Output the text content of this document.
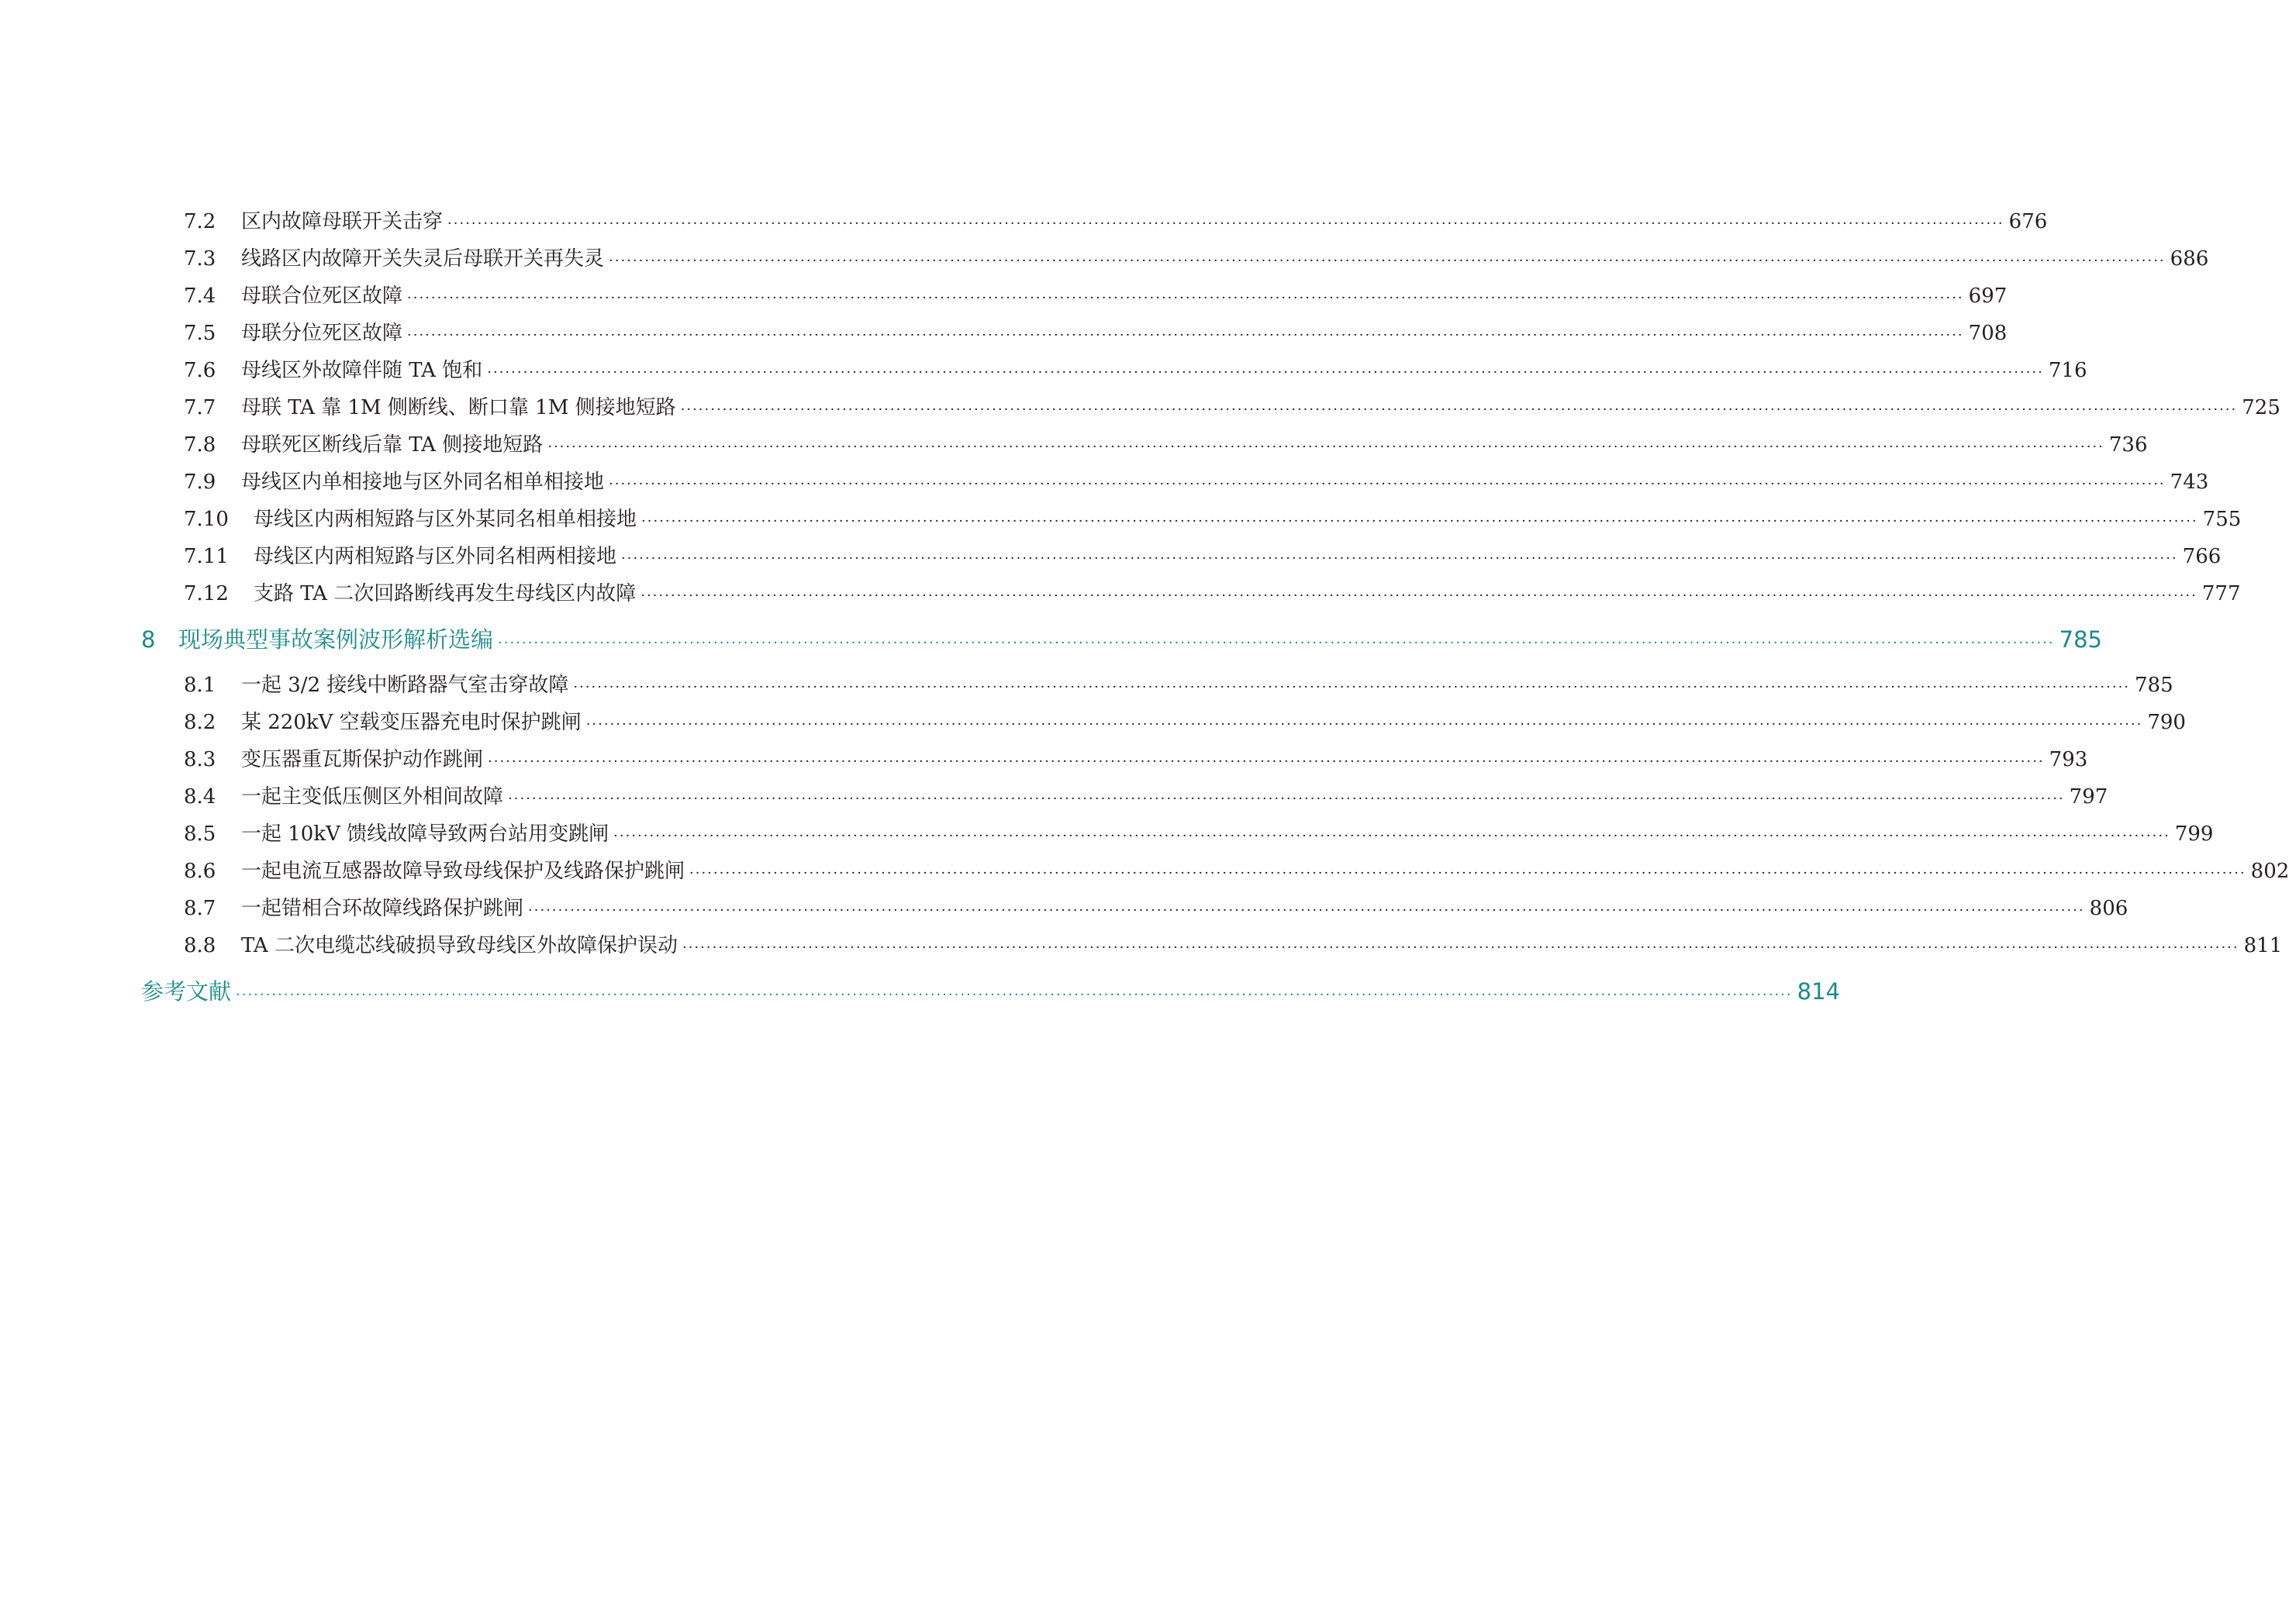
7.2	区内故障母联开关击穿 ···································································································································································································································································· 676
7.3	线路区内故障开关失灵后母联开关再失灵 ···································································································································································································································································· 686
7.4	母联合位死区故障 ···································································································································································································································································· 697
7.5	母联分位死区故障 ···································································································································································································································································· 708
7.6	母线区外故障伴随 TA 饱和 ···································································································································································································································································· 716
7.7	母联 TA 靠 1M 侧断线、断口靠 1M 侧接地短路 ···································································································································································································································································· 725
7.8	母联死区断线后靠 TA 侧接地短路 ···································································································································································································································································· 736
7.9	母线区内单相接地与区外同名相单相接地 ···································································································································································································································································· 743
7.10	母线区内两相短路与区外某同名相单相接地 ···································································································································································································································································· 755
7.11	母线区内两相短路与区外同名相两相接地 ···································································································································································································································································· 766
7.12	支路 TA 二次回路断线再发生母线区内故障 ···································································································································································································································································· 777
8	现场典型事故案例波形解析选编 ···································································································································································································································································· 785
8.1	一起 3/2 接线中断路器气室击穿故障 ···································································································································································································································································· 785
8.2	某 220kV 空载变压器充电时保护跳闸 ···································································································································································································································································· 790
8.3	变压器重瓦斯保护动作跳闸 ···································································································································································································································································· 793
8.4	一起主变低压侧区外相间故障 ···································································································································································································································································· 797
8.5	一起 10kV 馈线故障导致两台站用变跳闸 ···································································································································································································································································· 799
8.6	一起电流互感器故障导致母线保护及线路保护跳闸 ···································································································································································································································································· 802
8.7	一起错相合环故障线路保护跳闸 ···································································································································································································································································· 806
8.8	TA 二次电缆芯线破损导致母线区外故障保护误动 ···································································································································································································································································· 811
参考文献 ···································································································································································································································································· 814
